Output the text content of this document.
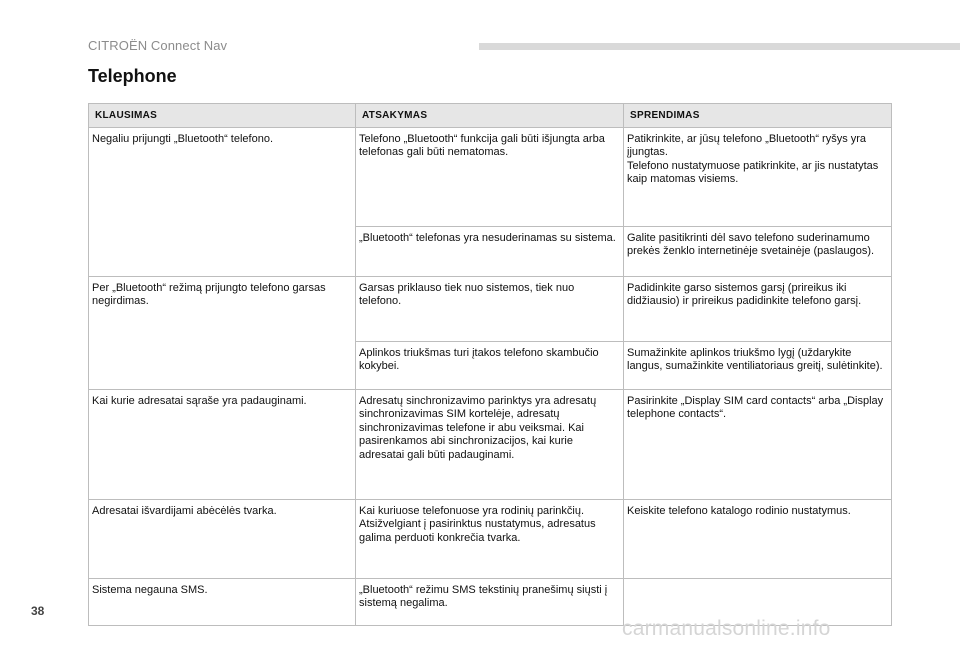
CITROËN Connect Nav
Telephone
KLAUSIMAS	ATSAKYMAS	SPRENDIMAS
Negaliu prijungti „Bluetooth“ telefono.	Telefono „Bluetooth“ funkcija gali būti išjungta arba telefonas gali būti nematomas.	Patikrinkite, ar jūsų telefono „Bluetooth“ ryšys yra įjungtas.
Telefono nustatymuose patikrinkite, ar jis nustatytas kaip matomas visiems.
	„Bluetooth“ telefonas yra nesuderinamas su sistema.	Galite pasitikrinti dėl savo telefono suderinamumo prekės ženklo internetinėje svetainėje (paslaugos).
Per „Bluetooth“ režimą prijungto telefono garsas negirdimas.	Garsas priklauso tiek nuo sistemos, tiek nuo telefono.	Padidinkite garso sistemos garsį (prireikus iki didžiausio) ir prireikus padidinkite telefono garsį.
	Aplinkos triukšmas turi įtakos telefono skambučio kokybei.	Sumažinkite aplinkos triukšmo lygį (uždarykite langus, sumažinkite ventiliatoriaus greitį, sulėtinkite).
Kai kurie adresatai sąraše yra padauginami.	Adresatų sinchronizavimo parinktys yra adresatų sinchronizavimas SIM kortelėje, adresatų sinchronizavimas telefone ir abu veiksmai. Kai pasirenkamos abi sinchronizacijos, kai kurie adresatai gali būti padauginami.	Pasirinkite „Display SIM card contacts“ arba „Display telephone contacts“.
Adresatai išvardijami abėcėlės tvarka.	Kai kuriuose telefonuose yra rodinių parinkčių. Atsižvelgiant į pasirinktus nustatymus, adresatus galima perduoti konkrečia tvarka.	Keiskite telefono katalogo rodinio nustatymus.
Sistema negauna SMS.	„Bluetooth“ režimu SMS tekstinių pranešimų siųsti į sistemą negalima.	
38
carmanualsonline.info
